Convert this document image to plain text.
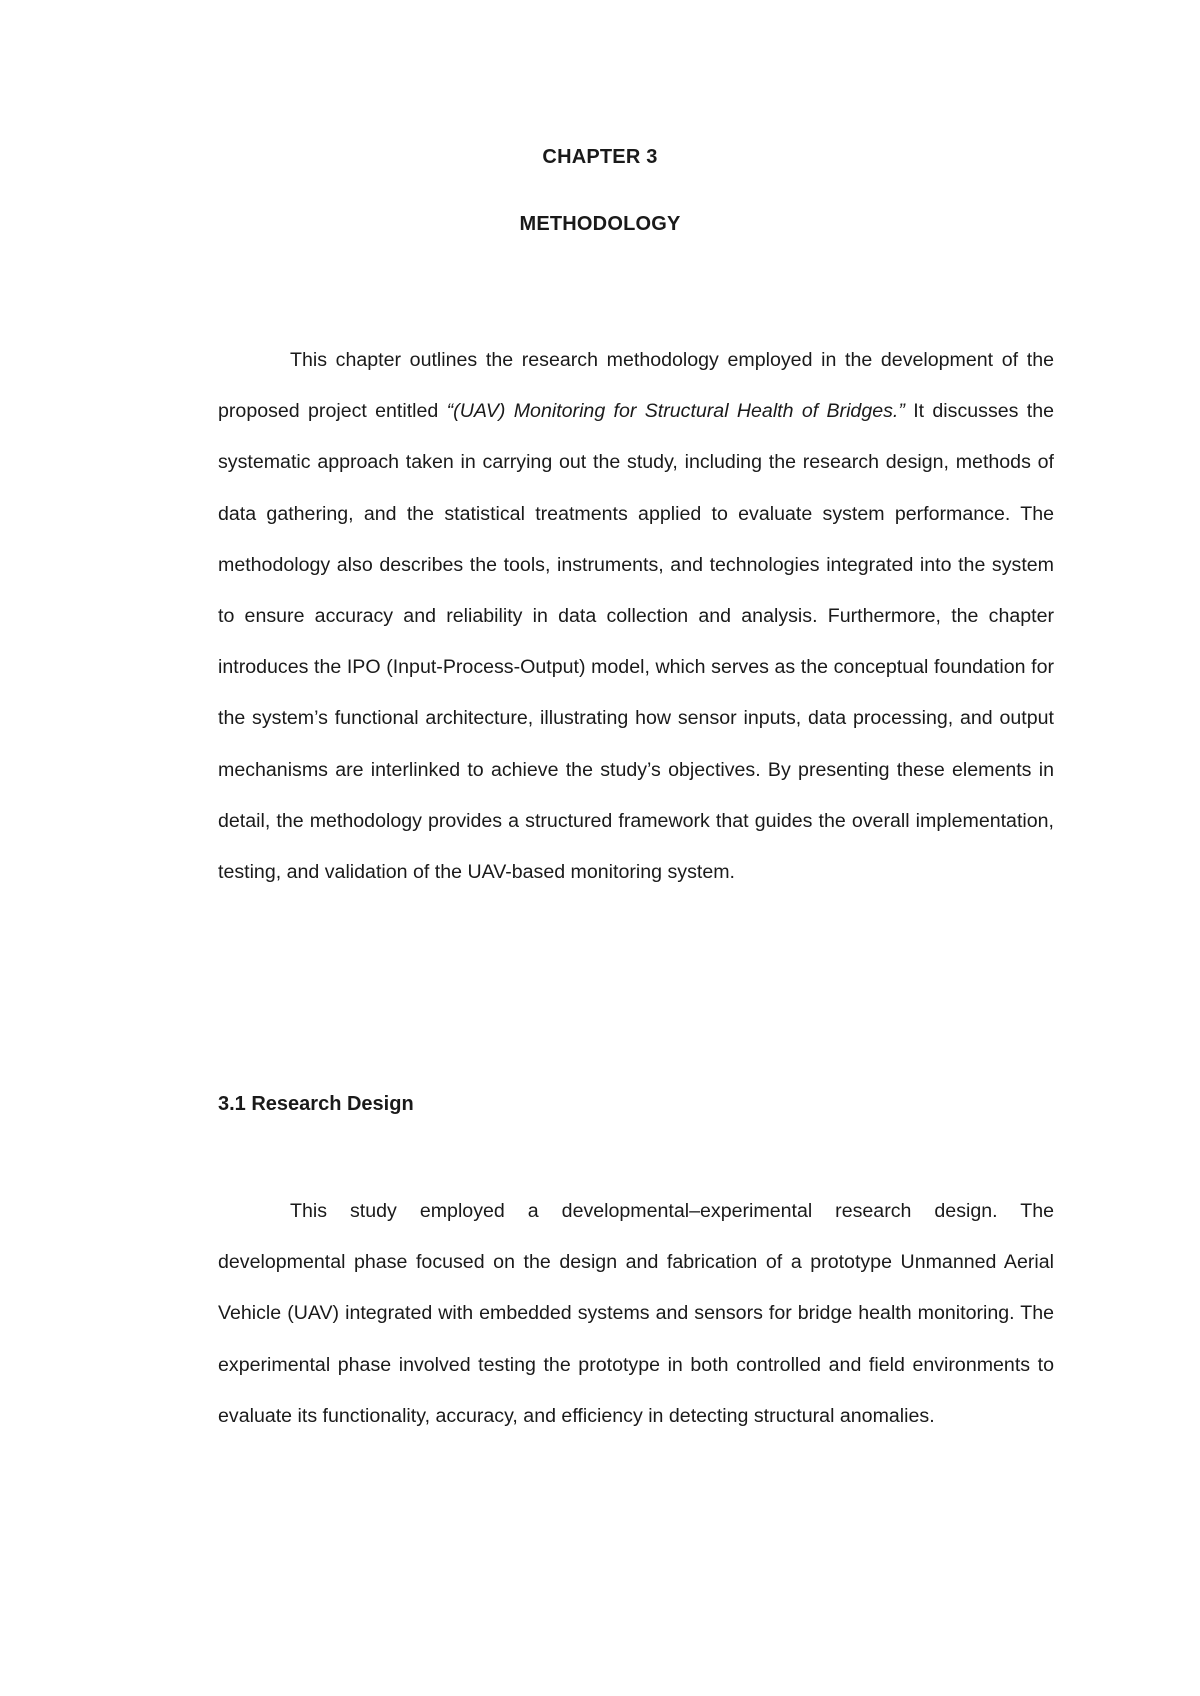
CHAPTER 3
METHODOLOGY

This chapter outlines the research methodology employed in the development of the proposed project entitled “(UAV) Monitoring for Structural Health of Bridges.” It discusses the systematic approach taken in carrying out the study, including the research design, methods of data gathering, and the statistical treatments applied to evaluate system performance. The methodology also describes the tools, instruments, and technologies integrated into the system to ensure accuracy and reliability in data collection and analysis. Furthermore, the chapter introduces the IPO (Input-Process-Output) model, which serves as the conceptual foundation for the system’s functional architecture, illustrating how sensor inputs, data processing, and output mechanisms are interlinked to achieve the study’s objectives. By presenting these elements in detail, the methodology provides a structured framework that guides the overall implementation, testing, and validation of the UAV-based monitoring system.

3.1 Research Design

This study employed a developmental–experimental research design. The developmental phase focused on the design and fabrication of a prototype Unmanned Aerial Vehicle (UAV) integrated with embedded systems and sensors for bridge health monitoring. The experimental phase involved testing the prototype in both controlled and field environments to evaluate its functionality, accuracy, and efficiency in detecting structural anomalies.
